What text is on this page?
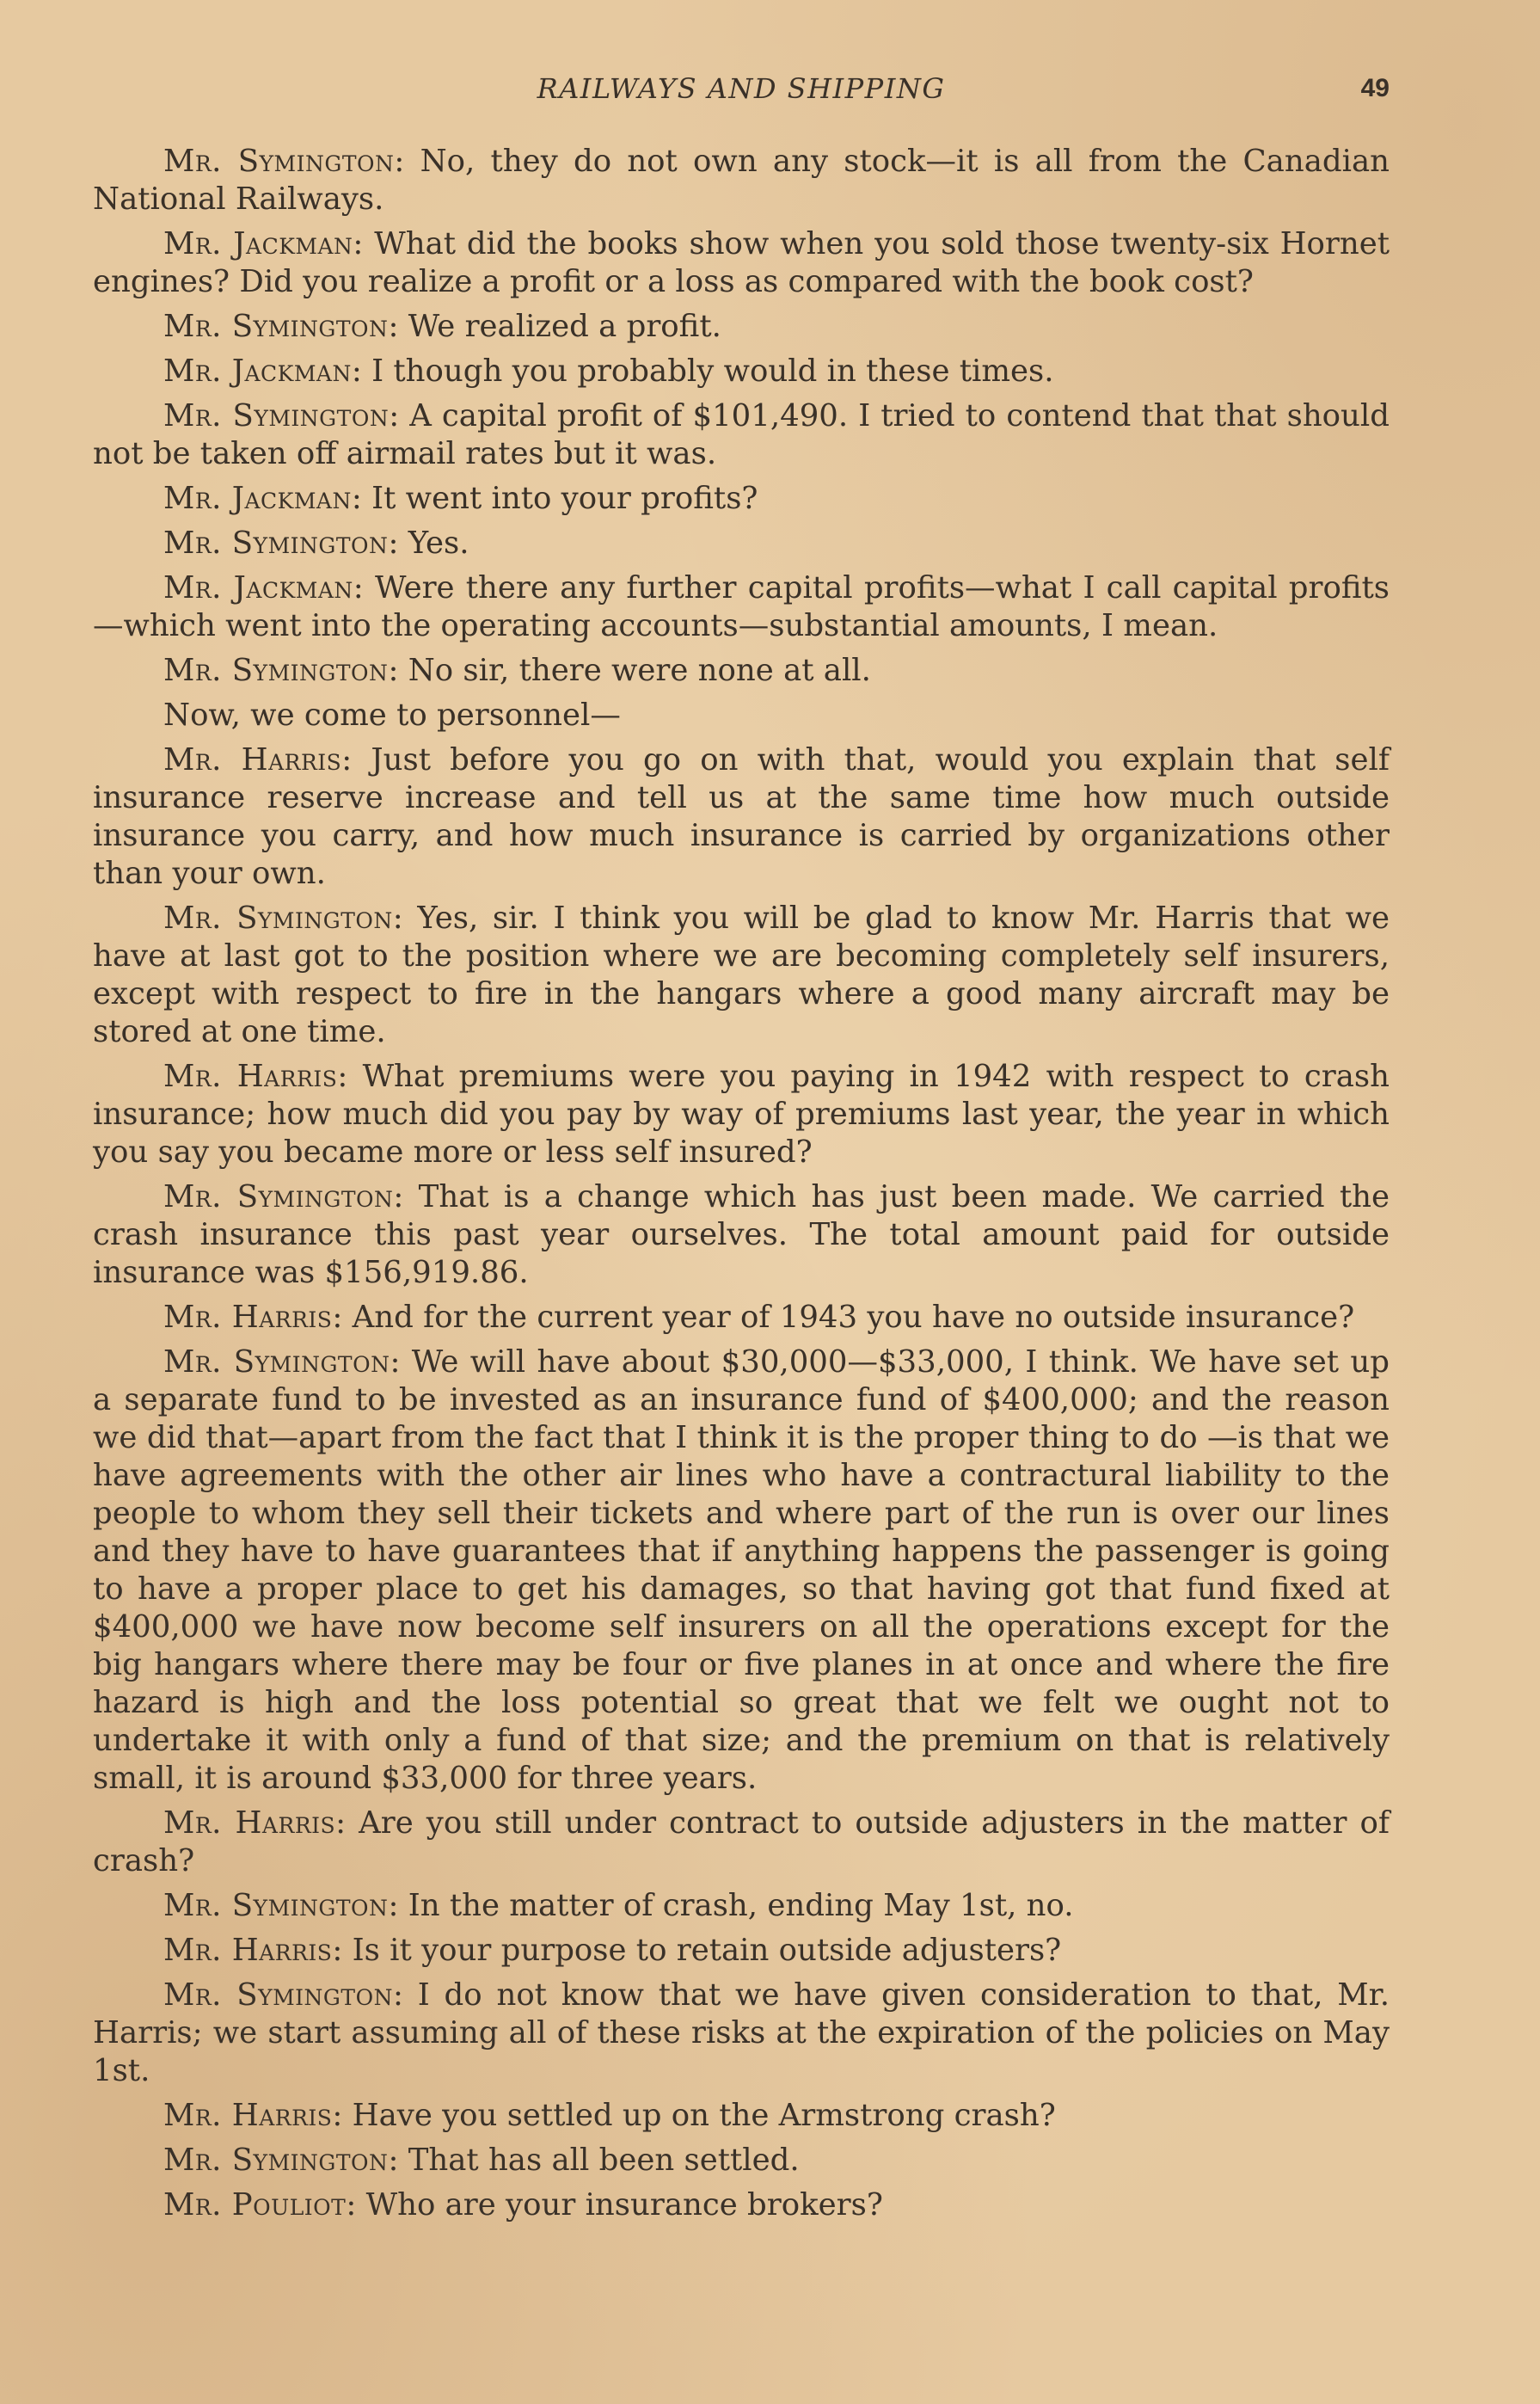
RAILWAYS AND SHIPPING	49

Mr. Symington: No, they do not own any stock—it is all from the Canadian National Railways.

Mr. Jackman: What did the books show when you sold those twenty-six Hornet engines? Did you realize a profit or a loss as compared with the book cost?

Mr. Symington: We realized a profit.

Mr. Jackman: I though you probably would in these times.

Mr. Symington: A capital profit of $101,490. I tried to contend that that should not be taken off airmail rates but it was.

Mr. Jackman: It went into your profits?

Mr. Symington: Yes.

Mr. Jackman: Were there any further capital profits—what I call capital profits—which went into the operating accounts—substantial amounts, I mean.

Mr. Symington: No sir, there were none at all.

Now, we come to personnel—

Mr. Harris: Just before you go on with that, would you explain that self insurance reserve increase and tell us at the same time how much outside insurance you carry, and how much insurance is carried by organizations other than your own.

Mr. Symington: Yes, sir. I think you will be glad to know Mr. Harris that we have at last got to the position where we are becoming completely self insurers, except with respect to fire in the hangars where a good many aircraft may be stored at one time.

Mr. Harris: What premiums were you paying in 1942 with respect to crash insurance; how much did you pay by way of premiums last year, the year in which you say you became more or less self insured?

Mr. Symington: That is a change which has just been made. We carried the crash insurance this past year ourselves. The total amount paid for outside insurance was $156,919.86.

Mr. Harris: And for the current year of 1943 you have no outside insurance?

Mr. Symington: We will have about $30,000—$33,000, I think. We have set up a separate fund to be invested as an insurance fund of $400,000; and the reason we did that—apart from the fact that I think it is the proper thing to do —is that we have agreements with the other air lines who have a contractural liability to the people to whom they sell their tickets and where part of the run is over our lines and they have to have guarantees that if anything happens the passenger is going to have a proper place to get his damages, so that having got that fund fixed at $400,000 we have now become self insurers on all the operations except for the big hangars where there may be four or five planes in at once and where the fire hazard is high and the loss potential so great that we felt we ought not to undertake it with only a fund of that size; and the premium on that is relatively small, it is around $33,000 for three years.

Mr. Harris: Are you still under contract to outside adjusters in the matter of crash?

Mr. Symington: In the matter of crash, ending May 1st, no.

Mr. Harris: Is it your purpose to retain outside adjusters?

Mr. Symington: I do not know that we have given consideration to that, Mr. Harris; we start assuming all of these risks at the expiration of the policies on May 1st.

Mr. Harris: Have you settled up on the Armstrong crash?

Mr. Symington: That has all been settled.

Mr. Pouliot: Who are your insurance brokers?
